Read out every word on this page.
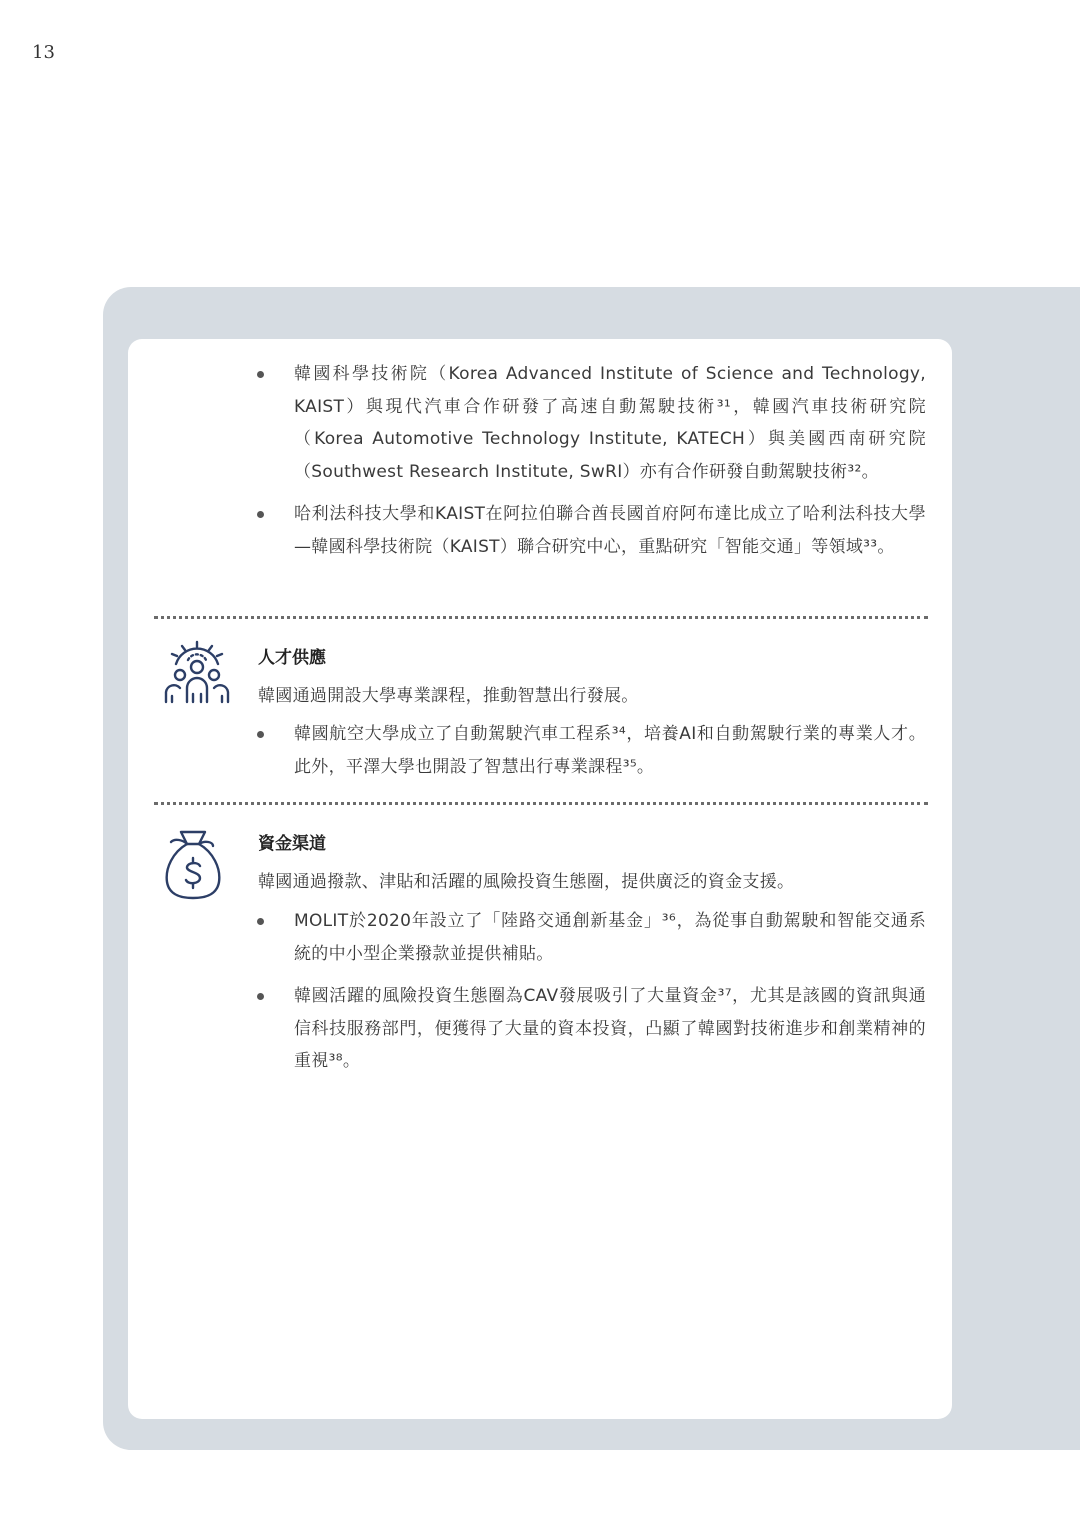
13
韓國科學技術院（Korea Advanced Institute of Science and Technology, KAIST）與現代汽車合作研發了高速自動駕駛技術³¹，韓國汽車技術研究院（Korea Automotive Technology Institute, KATECH）與美國西南研究院（Southwest Research Institute, SwRI）亦有合作研發自動駕駛技術³²。
哈利法科技大學和KAIST在阿拉伯聯合酋長國首府阿布達比成立了哈利法科技大學—韓國科學技術院（KAIST）聯合研究中心，重點研究「智能交通」等領域³³。
人才供應

韓國通過開設大學專業課程，推動智慧出行發展。

韓國航空大學成立了自動駕駛汽車工程系³⁴，培養AI和自動駕駛行業的專業人才。此外，平澤大學也開設了智慧出行專業課程³⁵。
資金渠道

韓國通過撥款、津貼和活躍的風險投資生態圈，提供廣泛的資金支援。

MOLIT於2020年設立了「陸路交通創新基金」³⁶，為從事自動駕駛和智能交通系統的中小型企業撥款並提供補貼。
韓國活躍的風險投資生態圈為CAV發展吸引了大量資金³⁷，尤其是該國的資訊與通信科技服務部門，便獲得了大量的資本投資，凸顯了韓國對技術進步和創業精神的重視³⁸。
